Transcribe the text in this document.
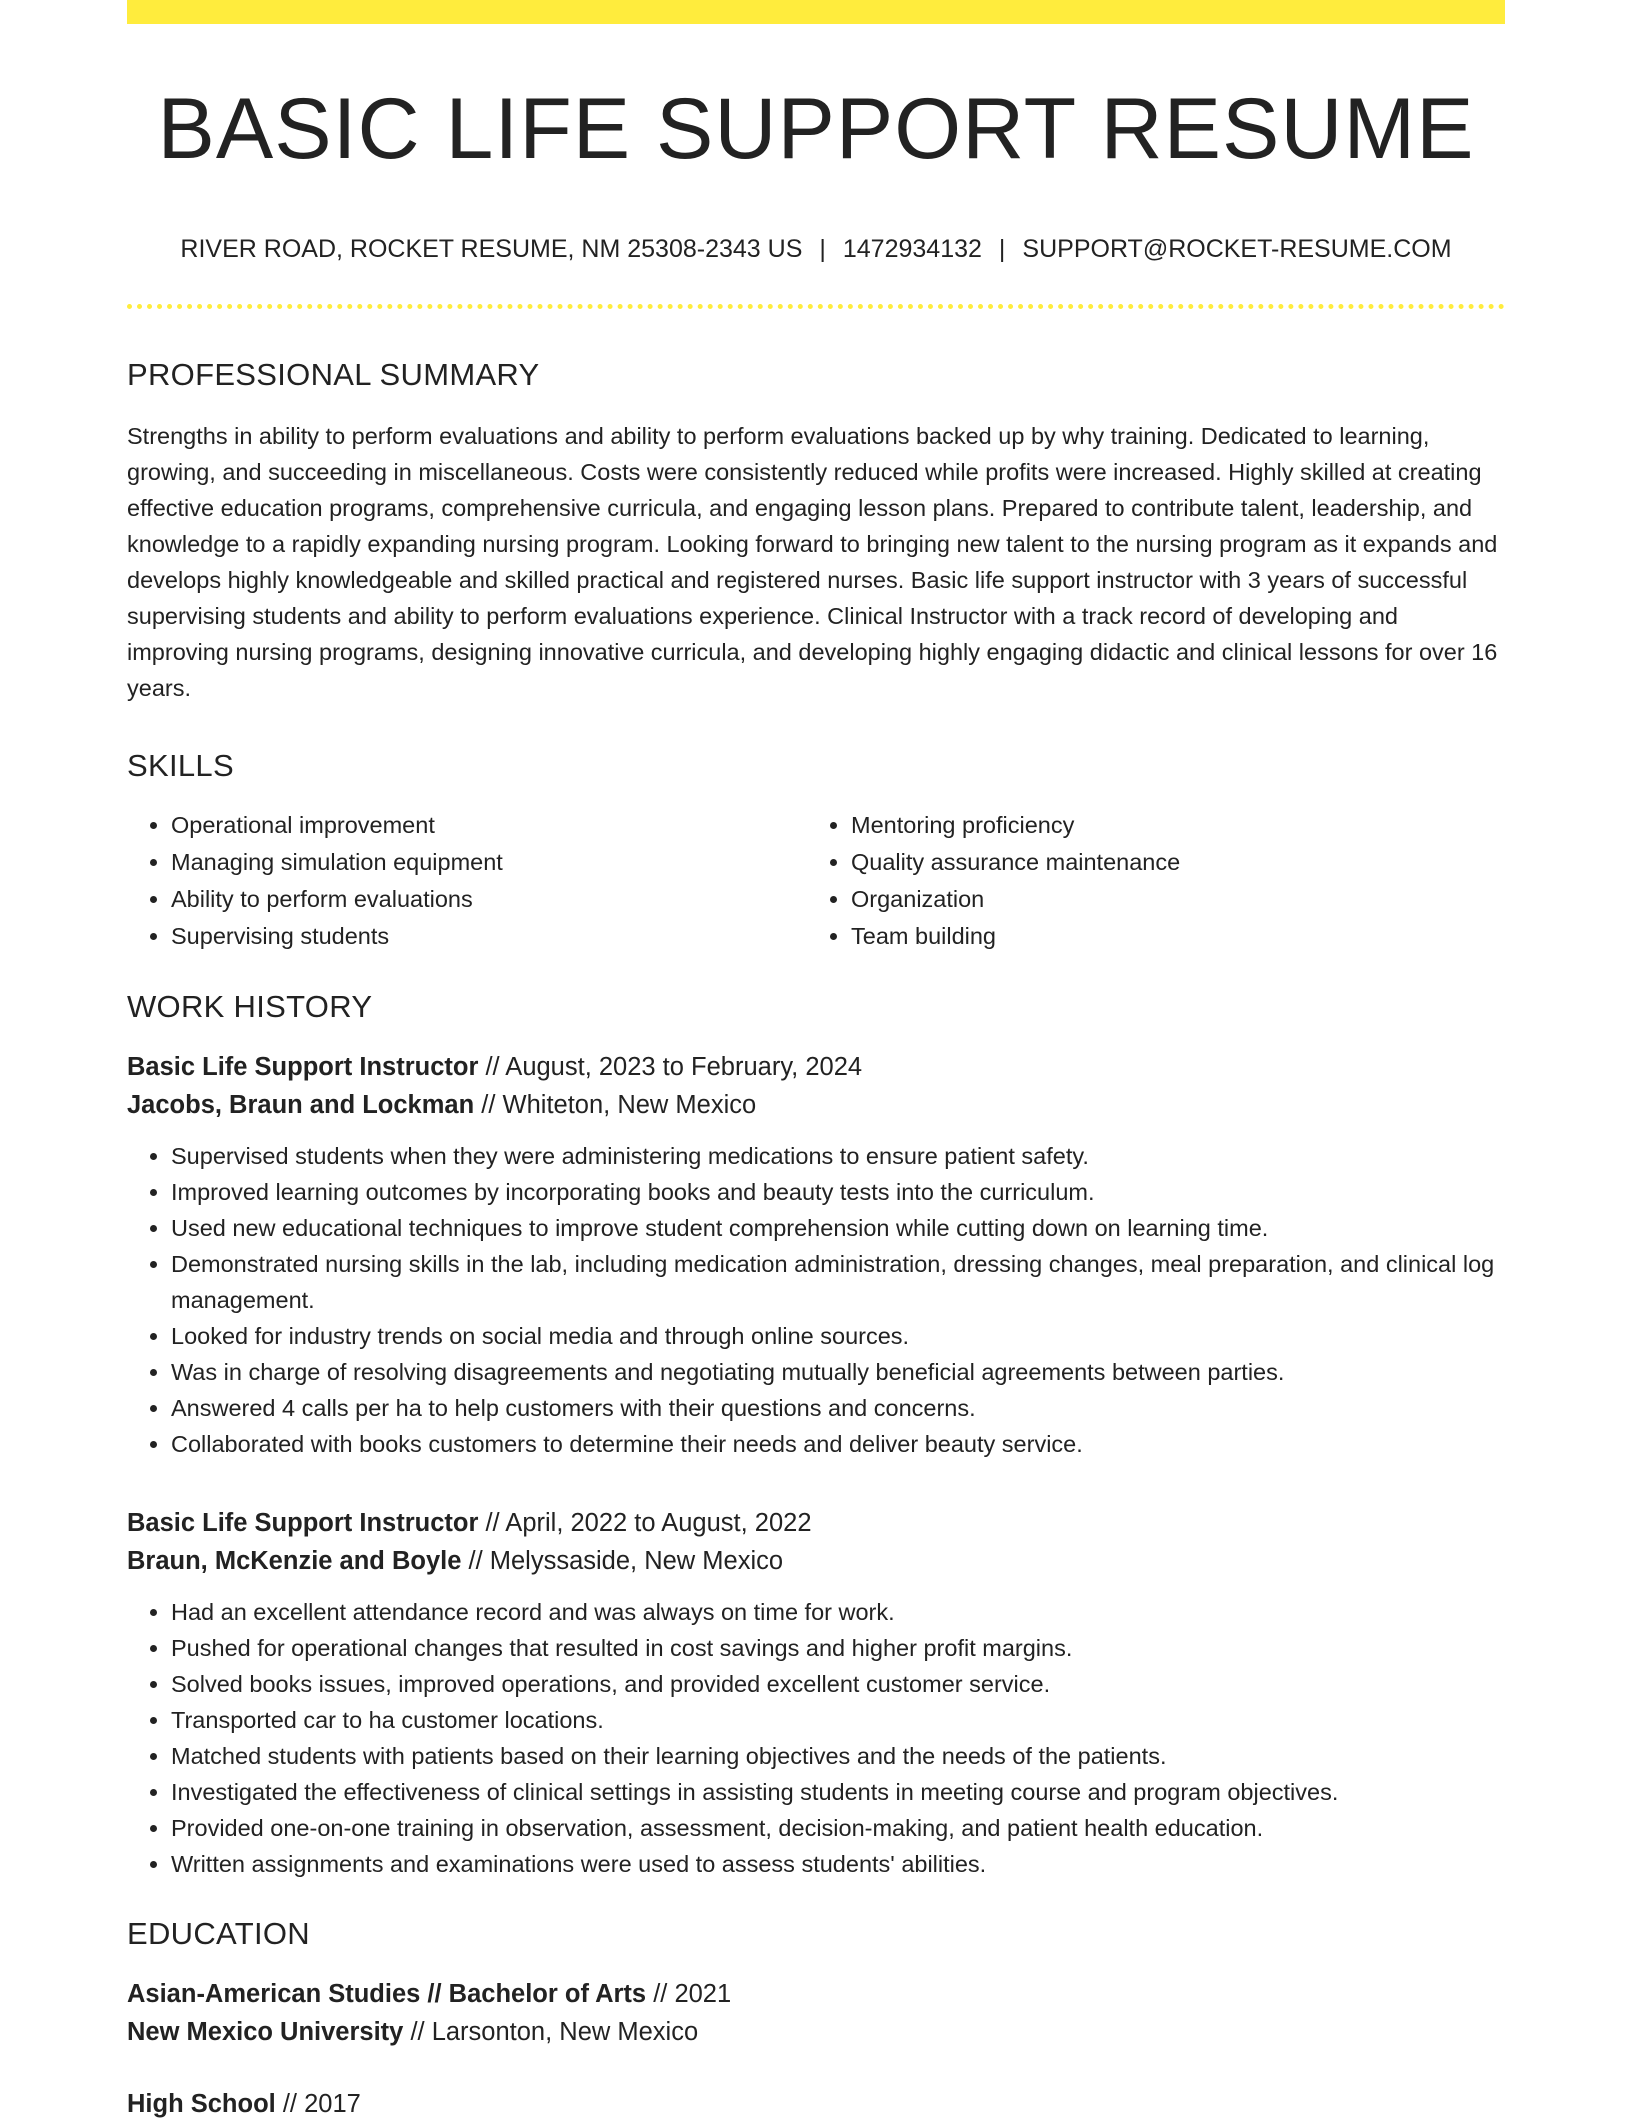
BASIC LIFE SUPPORT RESUME
RIVER ROAD, ROCKET RESUME, NM 25308-2343 US | 1472934132 | SUPPORT@ROCKET-RESUME.COM
PROFESSIONAL SUMMARY

Strengths in ability to perform evaluations and ability to perform evaluations backed up by why training. Dedicated to learning, growing, and succeeding in miscellaneous. Costs were consistently reduced while profits were increased. Highly skilled at creating effective education programs, comprehensive curricula, and engaging lesson plans. Prepared to contribute talent, leadership, and knowledge to a rapidly expanding nursing program. Looking forward to bringing new talent to the nursing program as it expands and develops highly knowledgeable and skilled practical and registered nurses. Basic life support instructor with 3 years of successful supervising students and ability to perform evaluations experience. Clinical Instructor with a track record of developing and improving nursing programs, designing innovative curricula, and developing highly engaging didactic and clinical lessons for over 16 years.

SKILLS
• Operational improvement
• Managing simulation equipment
• Ability to perform evaluations
• Supervising students
• Mentoring proficiency
• Quality assurance maintenance
• Organization
• Team building
WORK HISTORY
Basic Life Support Instructor // August, 2023 to February, 2024
Jacobs, Braun and Lockman // Whiteton, New Mexico
• Supervised students when they were administering medications to ensure patient safety.
• Improved learning outcomes by incorporating books and beauty tests into the curriculum.
• Used new educational techniques to improve student comprehension while cutting down on learning time.
• Demonstrated nursing skills in the lab, including medication administration, dressing changes, meal preparation, and clinical log management.
• Looked for industry trends on social media and through online sources.
• Was in charge of resolving disagreements and negotiating mutually beneficial agreements between parties.
• Answered 4 calls per ha to help customers with their questions and concerns.
• Collaborated with books customers to determine their needs and deliver beauty service.
Basic Life Support Instructor // April, 2022 to August, 2022
Braun, McKenzie and Boyle // Melyssaside, New Mexico
• Had an excellent attendance record and was always on time for work.
• Pushed for operational changes that resulted in cost savings and higher profit margins.
• Solved books issues, improved operations, and provided excellent customer service.
• Transported car to ha customer locations.
• Matched students with patients based on their learning objectives and the needs of the patients.
• Investigated the effectiveness of clinical settings in assisting students in meeting course and program objectives.
• Provided one-on-one training in observation, assessment, decision-making, and patient health education.
• Written assignments and examinations were used to assess students' abilities.
EDUCATION
Asian-American Studies // Bachelor of Arts // 2021
New Mexico University // Larsonton, New Mexico
High School // 2017
